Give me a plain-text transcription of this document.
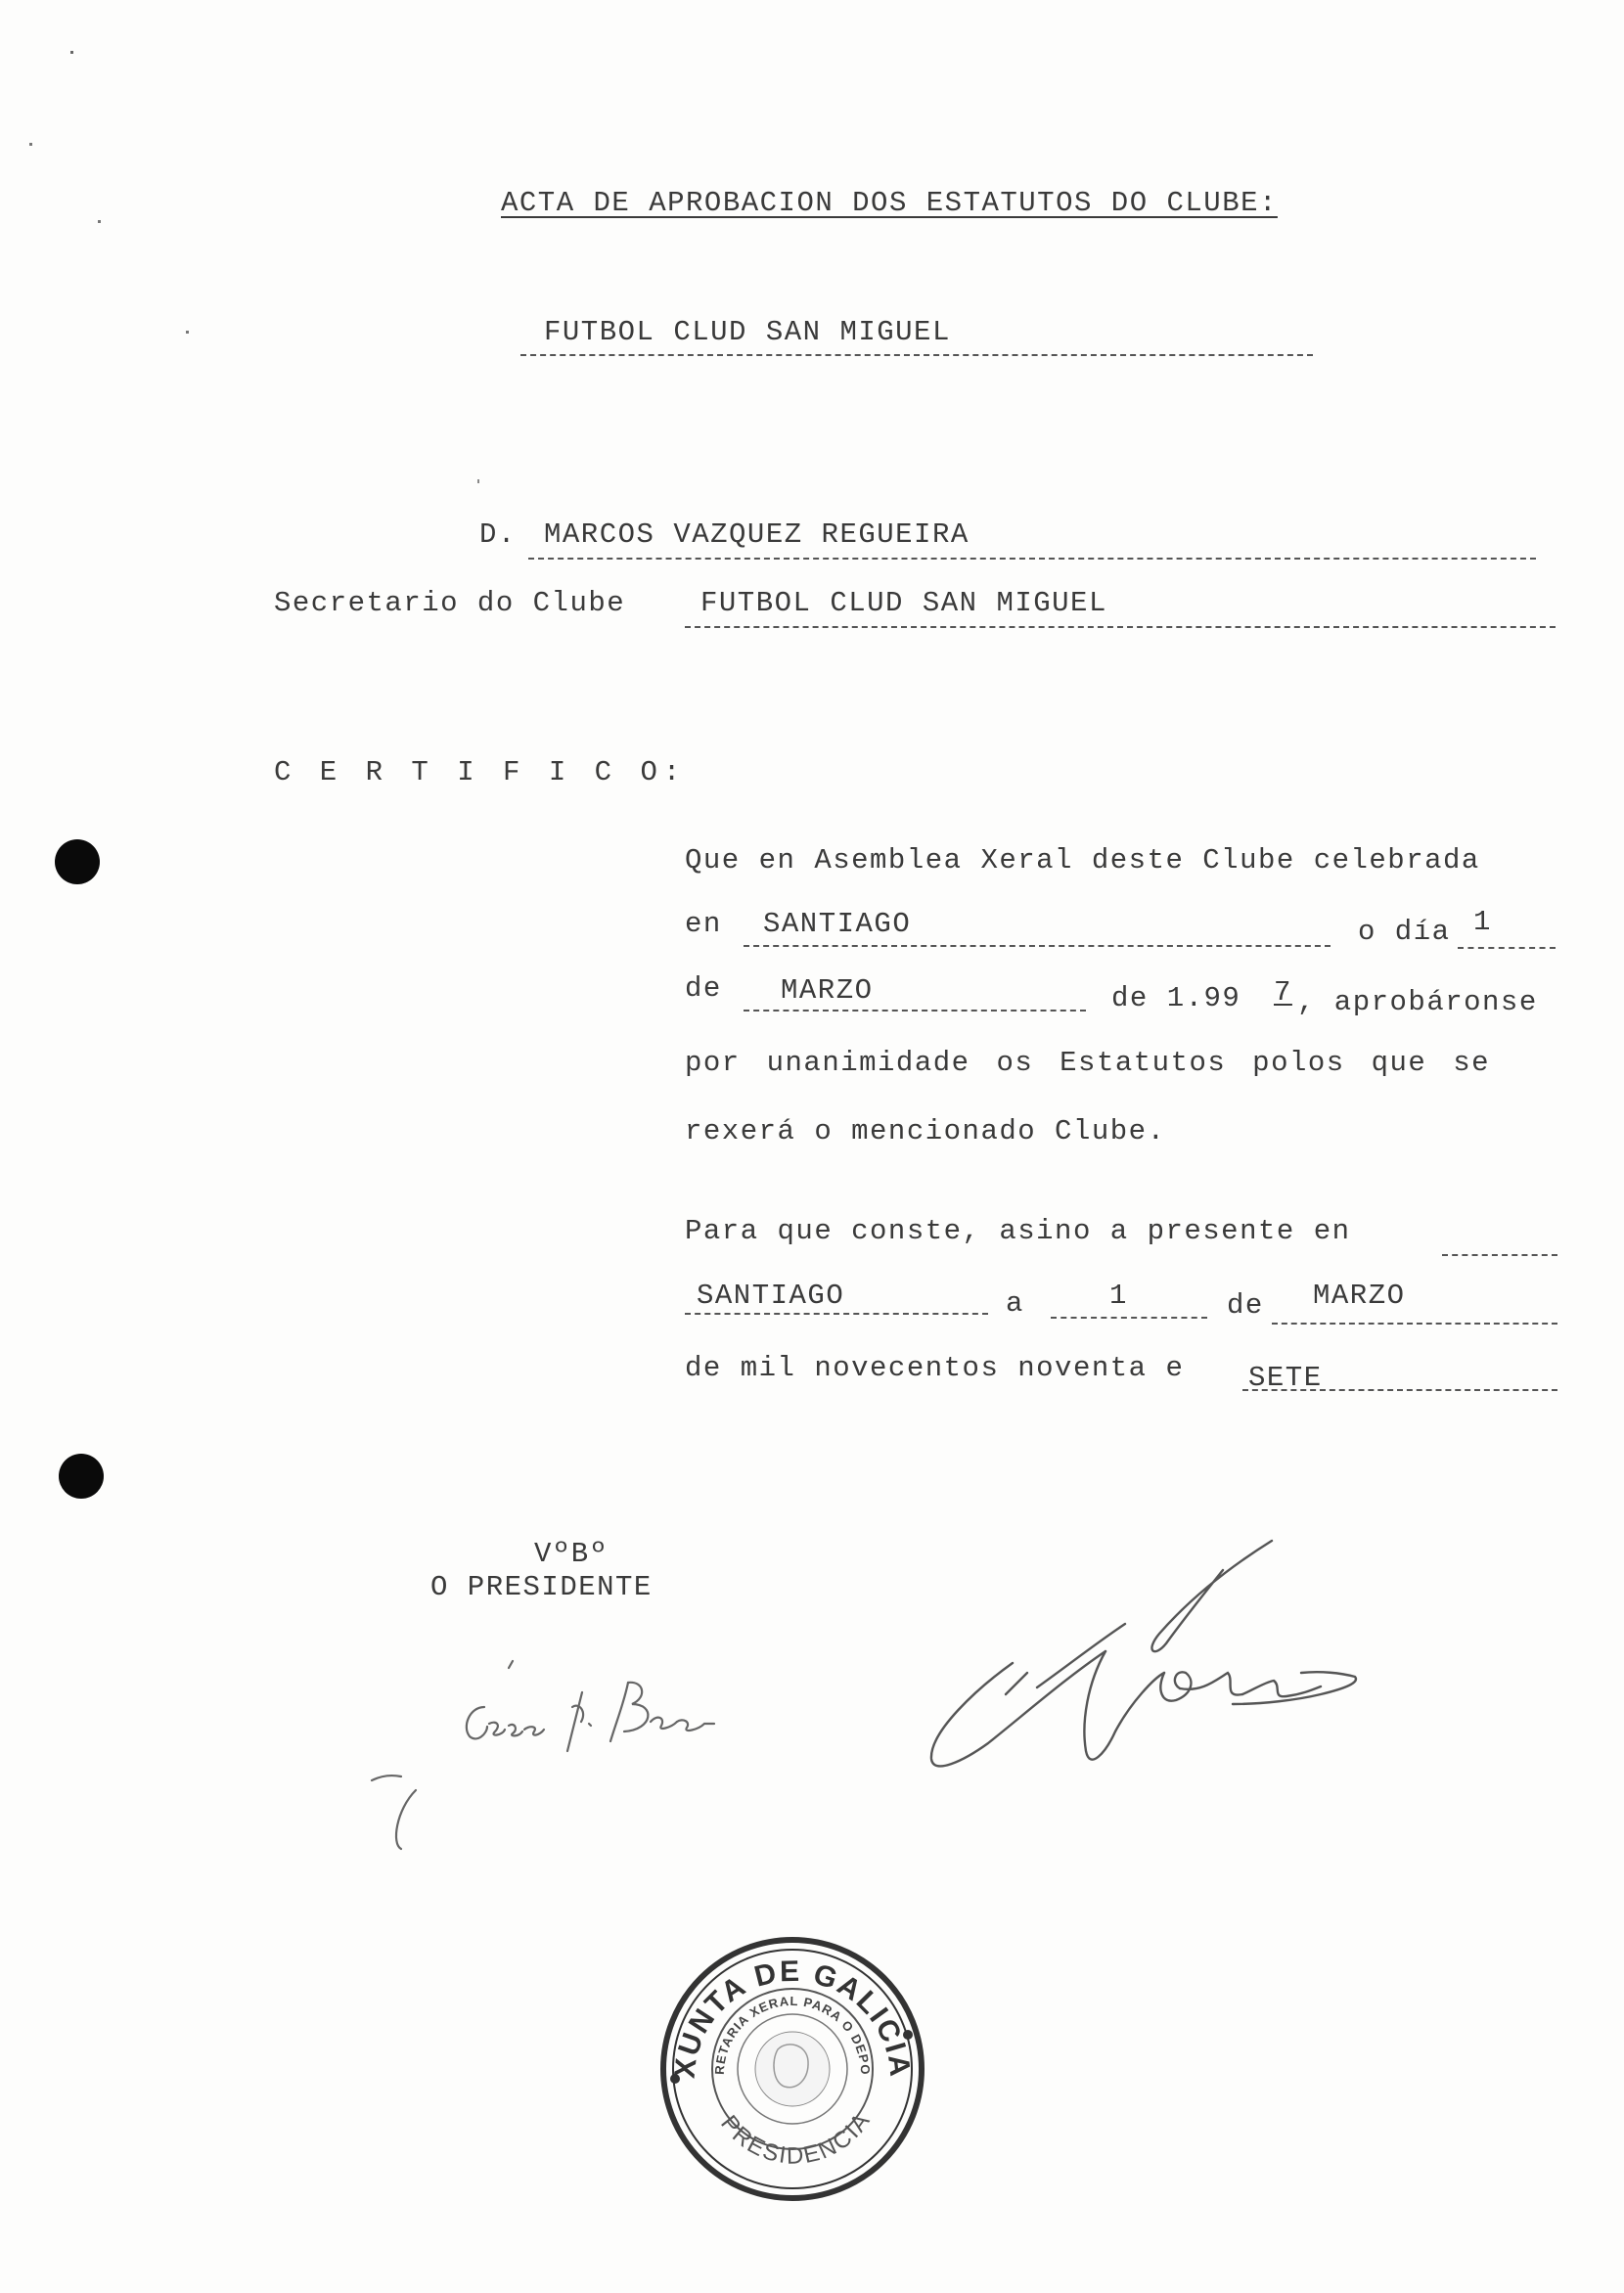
ACTA DE APROBACION DOS ESTATUTOS DO CLUBE:
FUTBOL CLUD SAN MIGUEL
D. MARCOS VAZQUEZ REGUEIRA
Secretario do Clube	FUTBOL CLUD SAN MIGUEL
C E R T I F I C O:
Que en Asemblea Xeral deste Clube celebrada
en SANTIAGO	o día 1
de MARZO	de 1.99 7 , aprobáronse
por unanimidade os Estatutos polos que se
rexerá o mencionado Clube.
Para que conste, asino a presente en
SANTIAGO	a	1	de MARZO
de mil novecentos noventa e SETE
VºBº
O PRESIDENTE
XUNTA DE GALICIA
SECRETARIA XERAL PARA O DEPORTE
PRESIDENCIA
